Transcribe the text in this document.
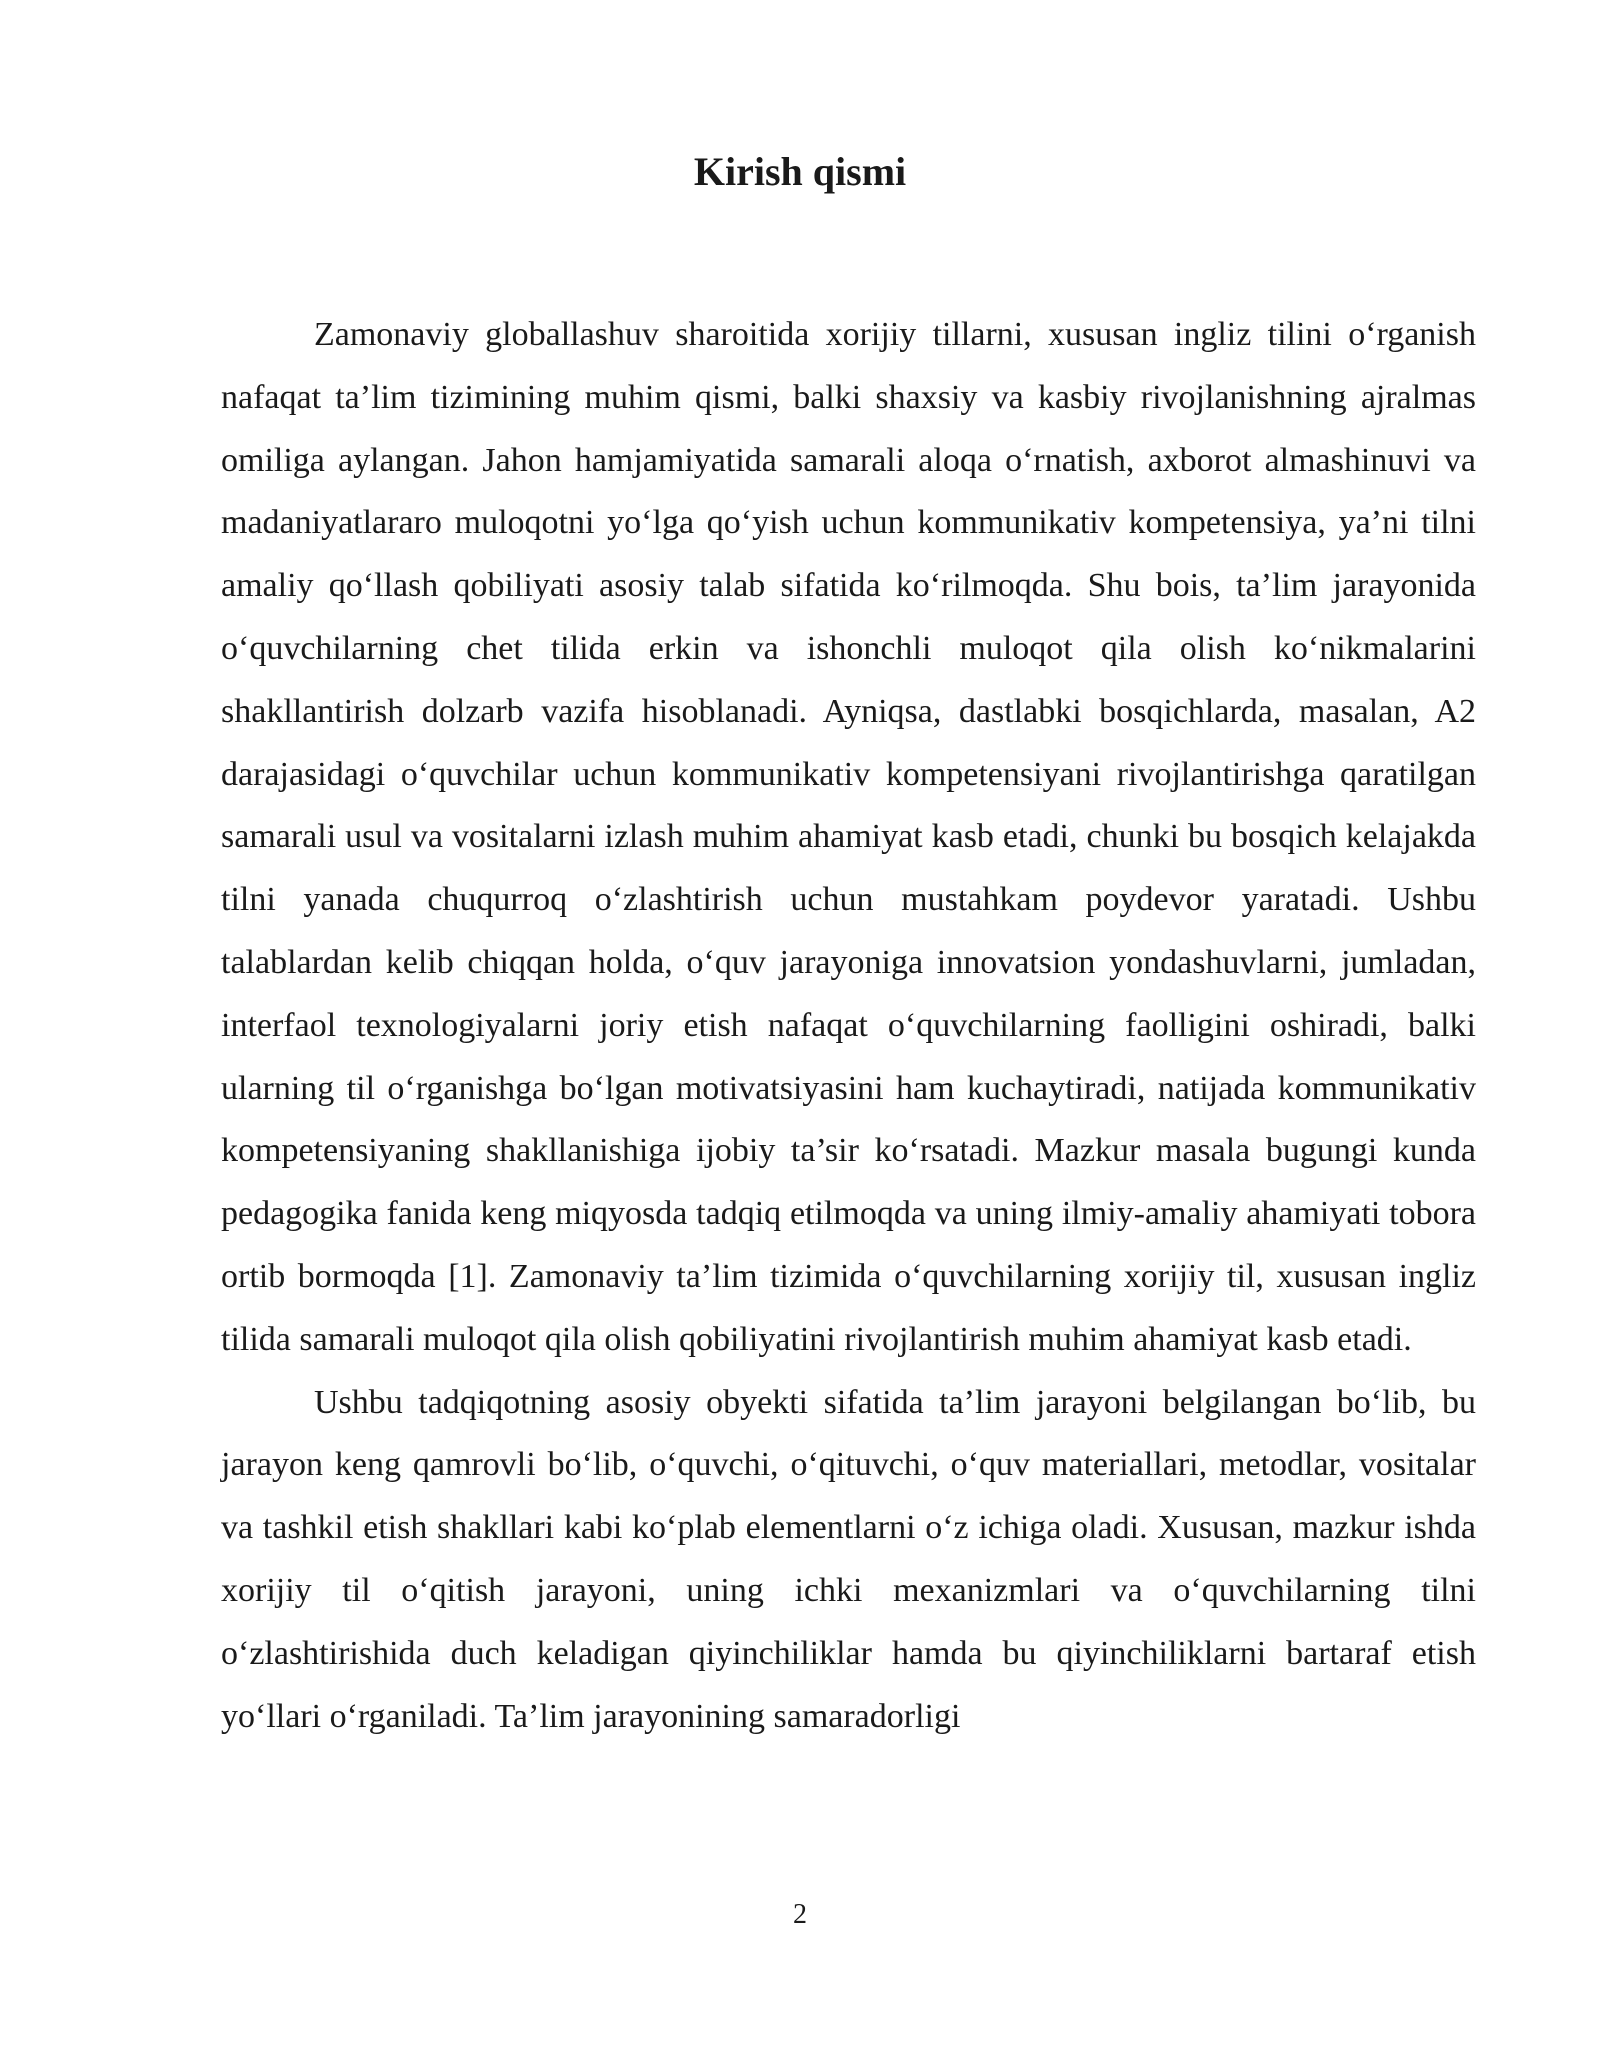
Kirish qismi

Zamonaviy globallashuv sharoitida xorijiy tillarni, xususan ingliz tilini o‘rganish nafaqat ta’lim tizimining muhim qismi, balki shaxsiy va kasbiy rivojlanishning ajralmas omiliga aylangan. Jahon hamjamiyatida samarali aloqa o‘rnatish, axborot almashinuvi va madaniyatlararo muloqotni yo‘lga qo‘yish uchun kommunikativ kompetensiya, ya’ni tilni amaliy qo‘llash qobiliyati asosiy talab sifatida ko‘rilmoqda. Shu bois, ta’lim jarayonida o‘quvchilarning chet tilida erkin va ishonchli muloqot qila olish ko‘nikmalarini shakllantirish dolzarb vazifa hisoblanadi. Ayniqsa, dastlabki bosqichlarda, masalan, A2 darajasidagi o‘quvchilar uchun kommunikativ kompetensiyani rivojlantirishga qaratilgan samarali usul va vositalarni izlash muhim ahamiyat kasb etadi, chunki bu bosqich kelajakda tilni yanada chuqurroq o‘zlashtirish uchun mustahkam poydevor yaratadi. Ushbu talablardan kelib chiqqan holda, o‘quv jarayoniga innovatsion yondashuvlarni, jumladan, interfaol texnologiyalarni joriy etish nafaqat o‘quvchilarning faolligini oshiradi, balki ularning til o‘rganishga bo‘lgan motivatsiyasini ham kuchaytiradi, natijada kommunikativ kompetensiyaning shakllanishiga ijobiy ta’sir ko‘rsatadi. Mazkur masala bugungi kunda pedagogika fanida keng miqyosda tadqiq etilmoqda va uning ilmiy-amaliy ahamiyati tobora ortib bormoqda [1]. Zamonaviy ta’lim tizimida o‘quvchilarning xorijiy til, xususan ingliz tilida samarali muloqot qila olish qobiliyatini rivojlantirish muhim ahamiyat kasb etadi.

Ushbu tadqiqotning asosiy obyekti sifatida ta’lim jarayoni belgilangan bo‘lib, bu jarayon keng qamrovli bo‘lib, o‘quvchi, o‘qituvchi, o‘quv materiallari, metodlar, vositalar va tashkil etish shakllari kabi ko‘plab elementlarni o‘z ichiga oladi. Xususan, mazkur ishda xorijiy til o‘qitish jarayoni, uning ichki mexanizmlari va o‘quvchilarning tilni o‘zlashtirishida duch keladigan qiyinchiliklar hamda bu qiyinchiliklarni bartaraf etish yo‘llari o‘rganiladi. Ta’lim jarayonining samaradorligi

2
